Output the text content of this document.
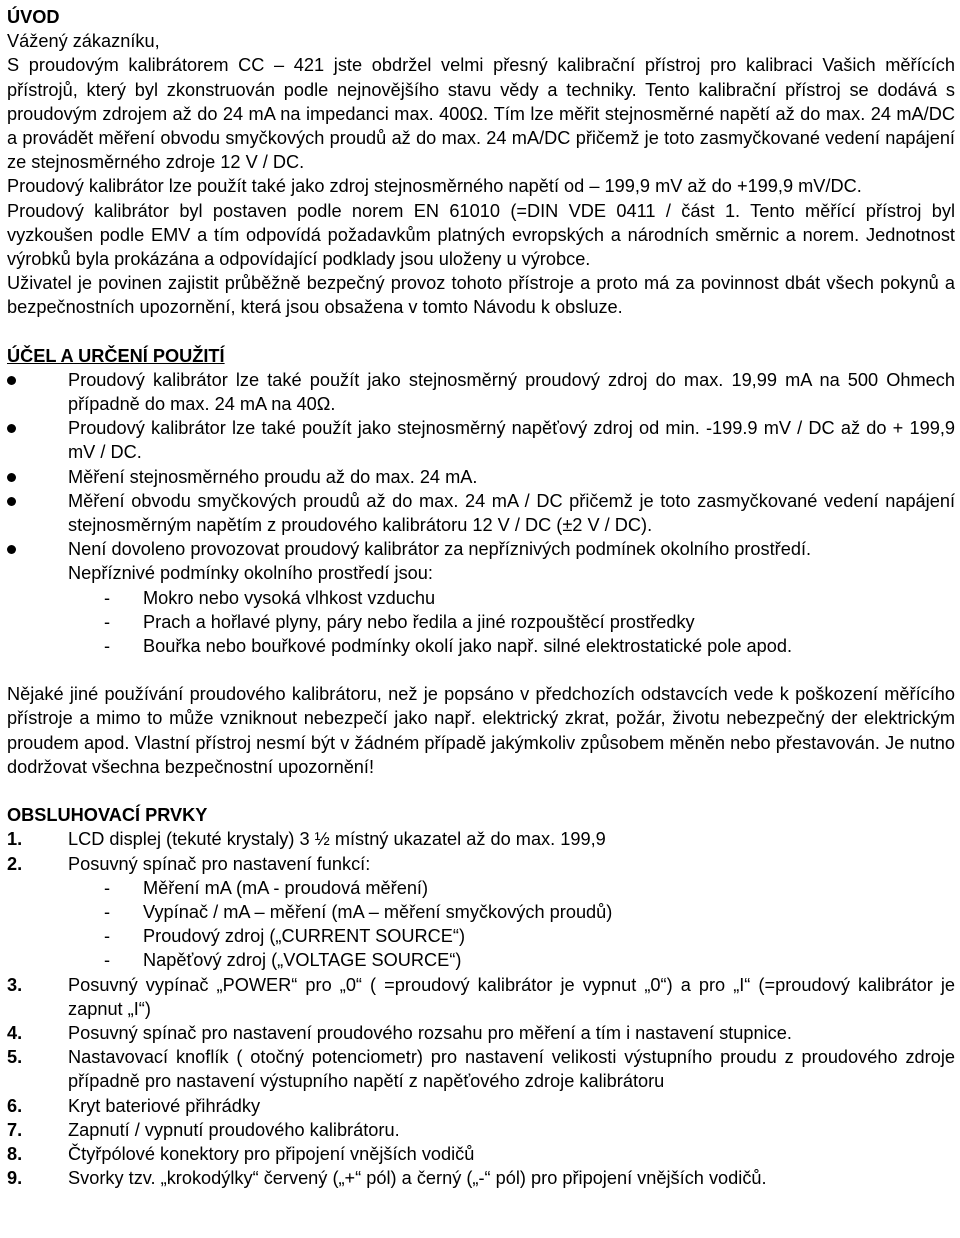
ÚVOD

Vážený zákazníku,

S proudovým kalibrátorem CC – 421 jste obdržel velmi přesný kalibrační přístroj pro kalibraci Vašich měřících přístrojů, který byl zkonstruován podle nejnovějšího stavu vědy a techniky. Tento kalibrační přístroj se dodává s proudovým zdrojem až do 24 mA na impedanci max. 400Ω. Tím lze měřit stejnosměrné napětí až do max. 24 mA/DC a provádět měření obvodu smyčkových proudů až do max. 24 mA/DC přičemž je toto zasmyčkované vedení napájení ze stejnosměrného zdroje 12 V / DC.

Proudový kalibrátor lze použít také jako zdroj stejnosměrného napětí od – 199,9 mV až do +199,9 mV/DC.

Proudový kalibrátor byl postaven podle norem EN 61010 (=DIN VDE 0411 / část 1. Tento měřící přístroj byl vyzkoušen podle EMV a tím odpovídá požadavkům platných evropských a národních směrnic a norem. Jednotnost výrobků byla prokázána a odpovídající podklady jsou uloženy u výrobce.

Uživatel je povinen zajistit průběžně bezpečný provoz tohoto přístroje a proto má za povinnost dbát všech pokynů a bezpečnostních upozornění, která jsou obsažena v tomto Návodu k obsluze.

ÚČEL A URČENÍ POUŽITÍ
Proudový kalibrátor lze také použít jako stejnosměrný proudový zdroj do max. 19,99 mA na 500 Ohmech případně do max. 24 mA na 40Ω.
Proudový kalibrátor lze také použít jako stejnosměrný napěťový zdroj od min. -199.9 mV / DC až do + 199,9 mV / DC.
Měření stejnosměrného proudu až do max. 24 mA.
Měření obvodu smyčkových proudů až do max. 24 mA / DC přičemž je toto zasmyčkované vedení napájení stejnosměrným napětím z proudového kalibrátoru 12 V / DC (±2 V / DC).
Není dovoleno provozovat proudový kalibrátor za nepříznivých podmínek okolního prostředí.
Nepříznivé podmínky okolního prostředí jsou:
- Mokro nebo vysoká vlhkost vzduchu
- Prach a hořlavé plyny, páry nebo ředila a jiné rozpouštěcí prostředky
- Bouřka nebo bouřkové podmínky okolí jako např. silné elektrostatické pole apod.

Nějaké jiné používání proudového kalibrátoru, než je popsáno v předchozích odstavcích vede k poškození měřícího přístroje a mimo to může vzniknout nebezpečí jako např. elektrický zkrat, požár, životu nebezpečný der elektrickým proudem apod. Vlastní přístroj nesmí být v žádném případě jakýmkoliv způsobem měněn nebo přestavován. Je nutno dodržovat všechna bezpečnostní upozornění!

OBSLUHOVACÍ PRVKY
1.	LCD displej (tekuté krystaly) 3 ½ místný ukazatel až do max. 199,9
2.	Posuvný spínač pro nastavení funkcí:
- Měření mA (mA - proudová měření)
- Vypínač / mA – měření (mA – měření smyčkových proudů)
- Proudový zdroj („CURRENT SOURCE“)
- Napěťový zdroj („VOLTAGE SOURCE“)
3.	Posuvný vypínač „POWER“ pro „0“ ( =proudový kalibrátor je vypnut „0“) a pro „I“ (=proudový kalibrátor je zapnut „I“)
4.	Posuvný spínač pro nastavení proudového rozsahu pro měření a tím i nastavení stupnice.
5.	Nastavovací knoflík ( otočný potenciometr) pro nastavení velikosti výstupního proudu z proudového zdroje případně pro nastavení výstupního napětí z napěťového zdroje kalibrátoru
6.	Kryt bateriové přihrádky
7.	Zapnutí / vypnutí proudového kalibrátoru.
8.	Čtyřpólové konektory pro připojení vnějších vodičů
9.	Svorky tzv. „krokodýlky“ červený („+“ pól) a černý („-“ pól) pro připojení vnějších vodičů.
